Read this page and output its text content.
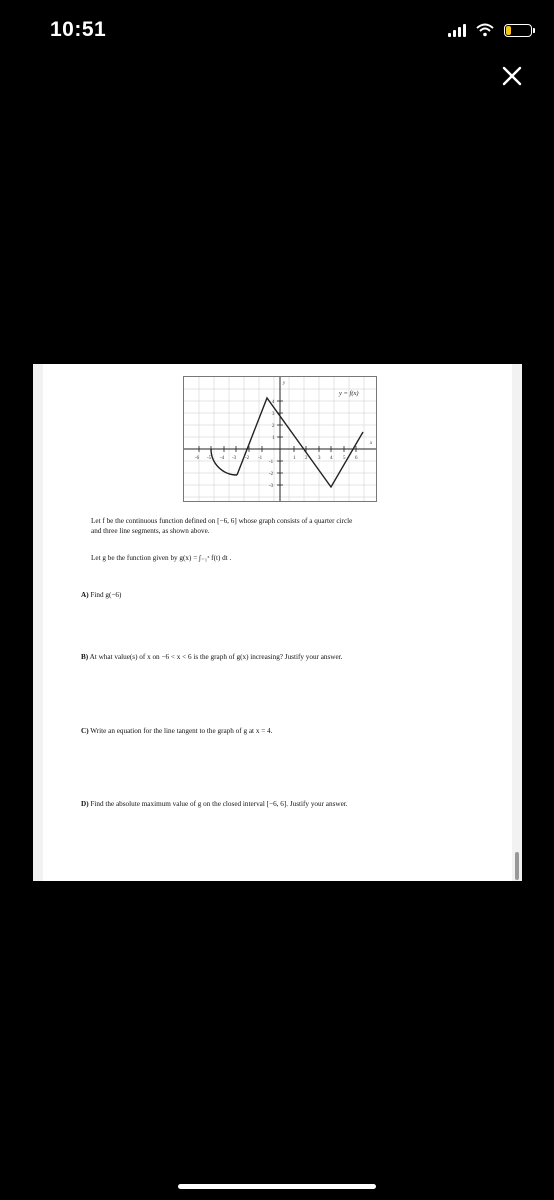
10:51
-6 -5 -4 -3 -2 -1	1 2 3 4 5 6
4
3
2
1
-1
-2
-3
y
x
y = f(x)
Let f be the continuous function defined on [−6, 6] whose graph consists of a quarter circle
and three line segments, as shown above.
Let g be the function given by g(x) = ∫₋₁ˣ f(t) dt .
A) Find g(−6)
B) At what value(s) of x on −6 < x < 6 is the graph of g(x) increasing? Justify your answer.
C) Write an equation for the line tangent to the graph of g at x = 4.
D) Find the absolute maximum value of g on the closed interval [−6, 6]. Justify your answer.
